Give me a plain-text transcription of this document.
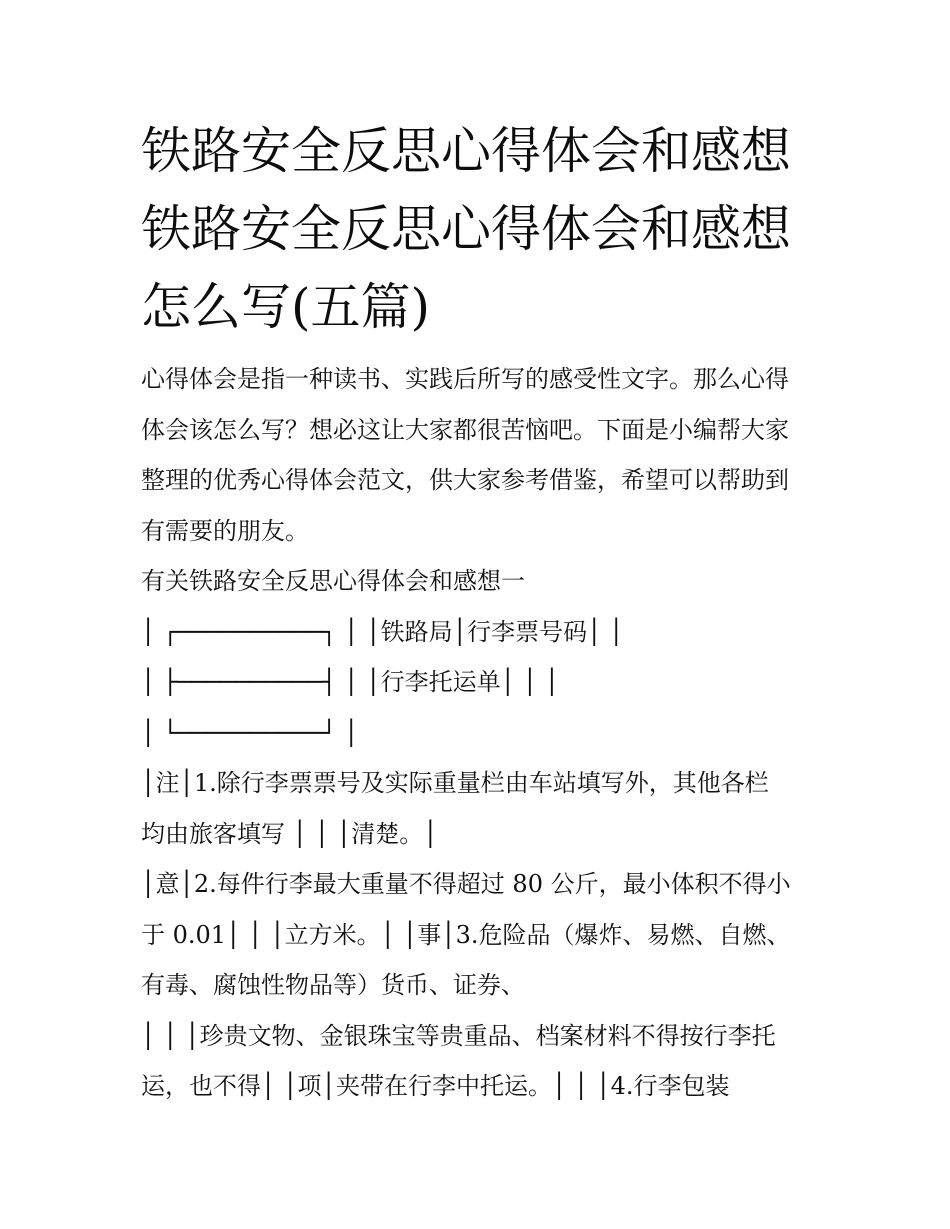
铁路安全反思心得体会和感想
铁路安全反思心得体会和感想
怎么写(五篇)
心得体会是指一种读书、实践后所写的感受性文字。那么心得
体会该怎么写？想必这让大家都很苦恼吧。下面是小编帮大家
整理的优秀心得体会范文，供大家参考借鉴，希望可以帮助到
有需要的朋友。
有关铁路安全反思心得体会和感想一
│ ┌──────────┐ │ │铁路局│行李票号码│ │
│ ├──────────┤ │ │行李托运单│ │ │
│ └──────────┘ │
│注│1.除行李票票号及实际重量栏由车站填写外，其他各栏
均由旅客填写 │ │ │清楚。│
│意│2.每件行李最大重量不得超过 80 公斤，最小体积不得小
于 0.01│ │ │立方米。│ │事│3.危险品（爆炸、易燃、自燃、
有毒、腐蚀性物品等）货币、证券、
│ │ │珍贵文物、金银珠宝等贵重品、档案材料不得按行李托
运，也不得│ │项│夹带在行李中托运。│ │ │4.行李包装
